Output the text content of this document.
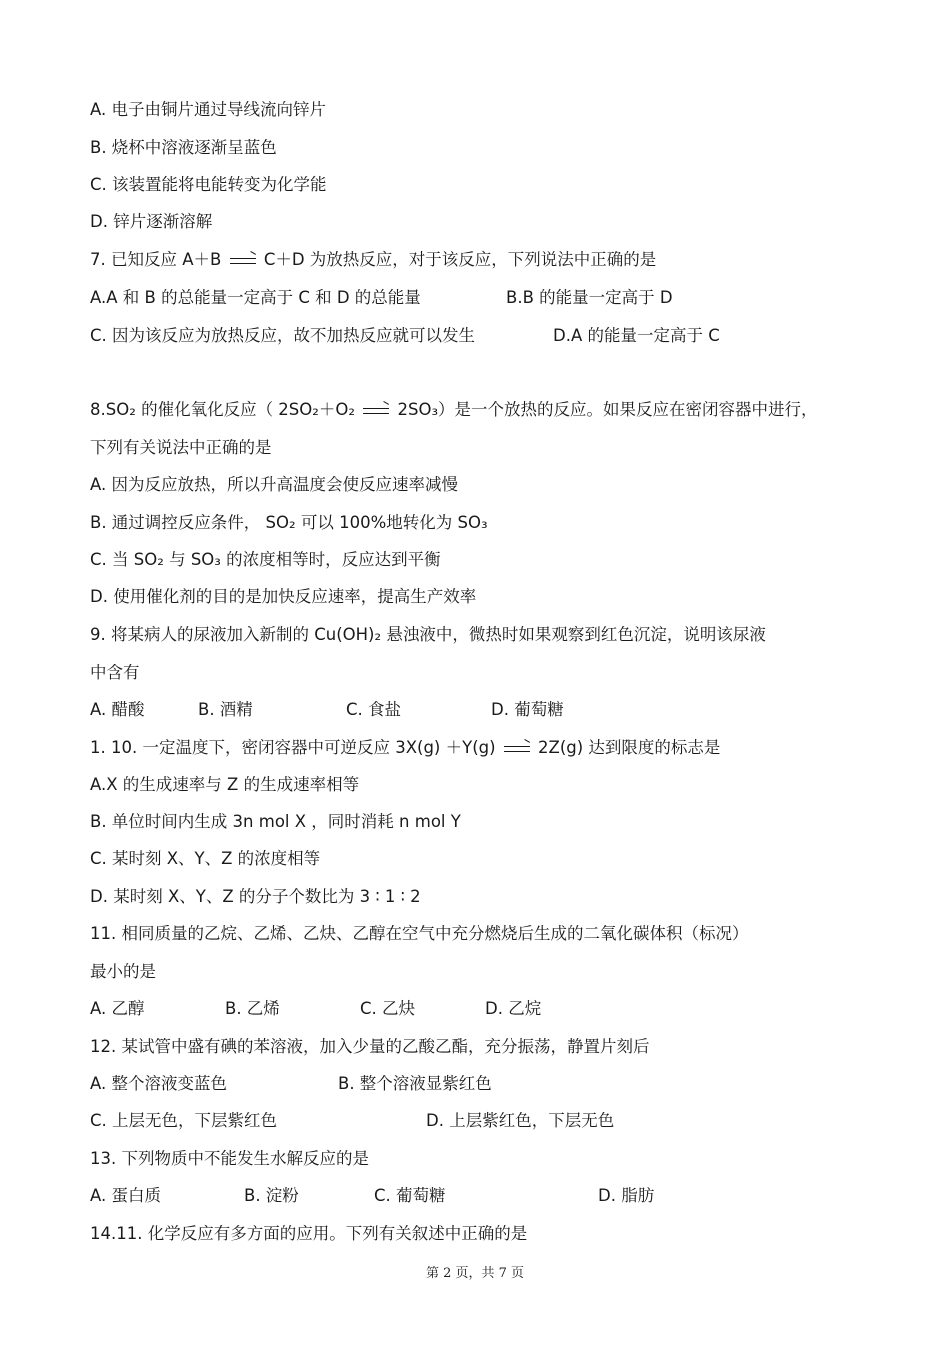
A. 电子由铜片通过导线流向锌片
B. 烧杯中溶液逐渐呈蓝色
C. 该装置能将电能转变为化学能
D. 锌片逐渐溶解
7. 已知反应 A＋B → C＋D 为放热反应，对于该反应，下列说法中正确的是
A.A 和 B 的总能量一定高于 C 和 D 的总能量	B.B 的能量一定高于 D
C. 因为该反应为放热反应，故不加热反应就可以发生	D.A 的能量一定高于 C
8.SO₂ 的催化氧化反应（ 2SO₂＋O₂ → 2SO₃）是一个放热的反应。如果反应在密闭容器中进行，
下列有关说法中正确的是
A. 因为反应放热，所以升高温度会使反应速率减慢
B. 通过调控反应条件， SO₂ 可以 100%地转化为 SO₃
C. 当 SO₂ 与 SO₃ 的浓度相等时，反应达到平衡
D. 使用催化剂的目的是加快反应速率，提高生产效率
9. 将某病人的尿液加入新制的 Cu(OH)₂ 悬浊液中，微热时如果观察到红色沉淀，说明该尿液
中含有
A. 醋酸	B. 酒精	C. 食盐	D. 葡萄糖
1. 10. 一定温度下，密闭容器中可逆反应 3X(g) ＋Y(g) → 2Z(g) 达到限度的标志是
A.X 的生成速率与 Z 的生成速率相等
B. 单位时间内生成 3n mol X ，同时消耗 n mol Y
C. 某时刻 X、Y、Z 的浓度相等
D. 某时刻 X、Y、Z 的分子个数比为 3 ∶ 1 ∶ 2
11. 相同质量的乙烷、乙烯、乙炔、乙醇在空气中充分燃烧后生成的二氧化碳体积（标况）
最小的是
A. 乙醇	B. 乙烯	C. 乙炔	D. 乙烷
12. 某试管中盛有碘的苯溶液，加入少量的乙酸乙酯，充分振荡，静置片刻后
A. 整个溶液变蓝色	B. 整个溶液显紫红色
C. 上层无色，下层紫红色	D. 上层紫红色，下层无色
13. 下列物质中不能发生水解反应的是
A. 蛋白质	B. 淀粉	C. 葡萄糖	D. 脂肪
14.11. 化学反应有多方面的应用。下列有关叙述中正确的是
第 2 页，共 7 页
